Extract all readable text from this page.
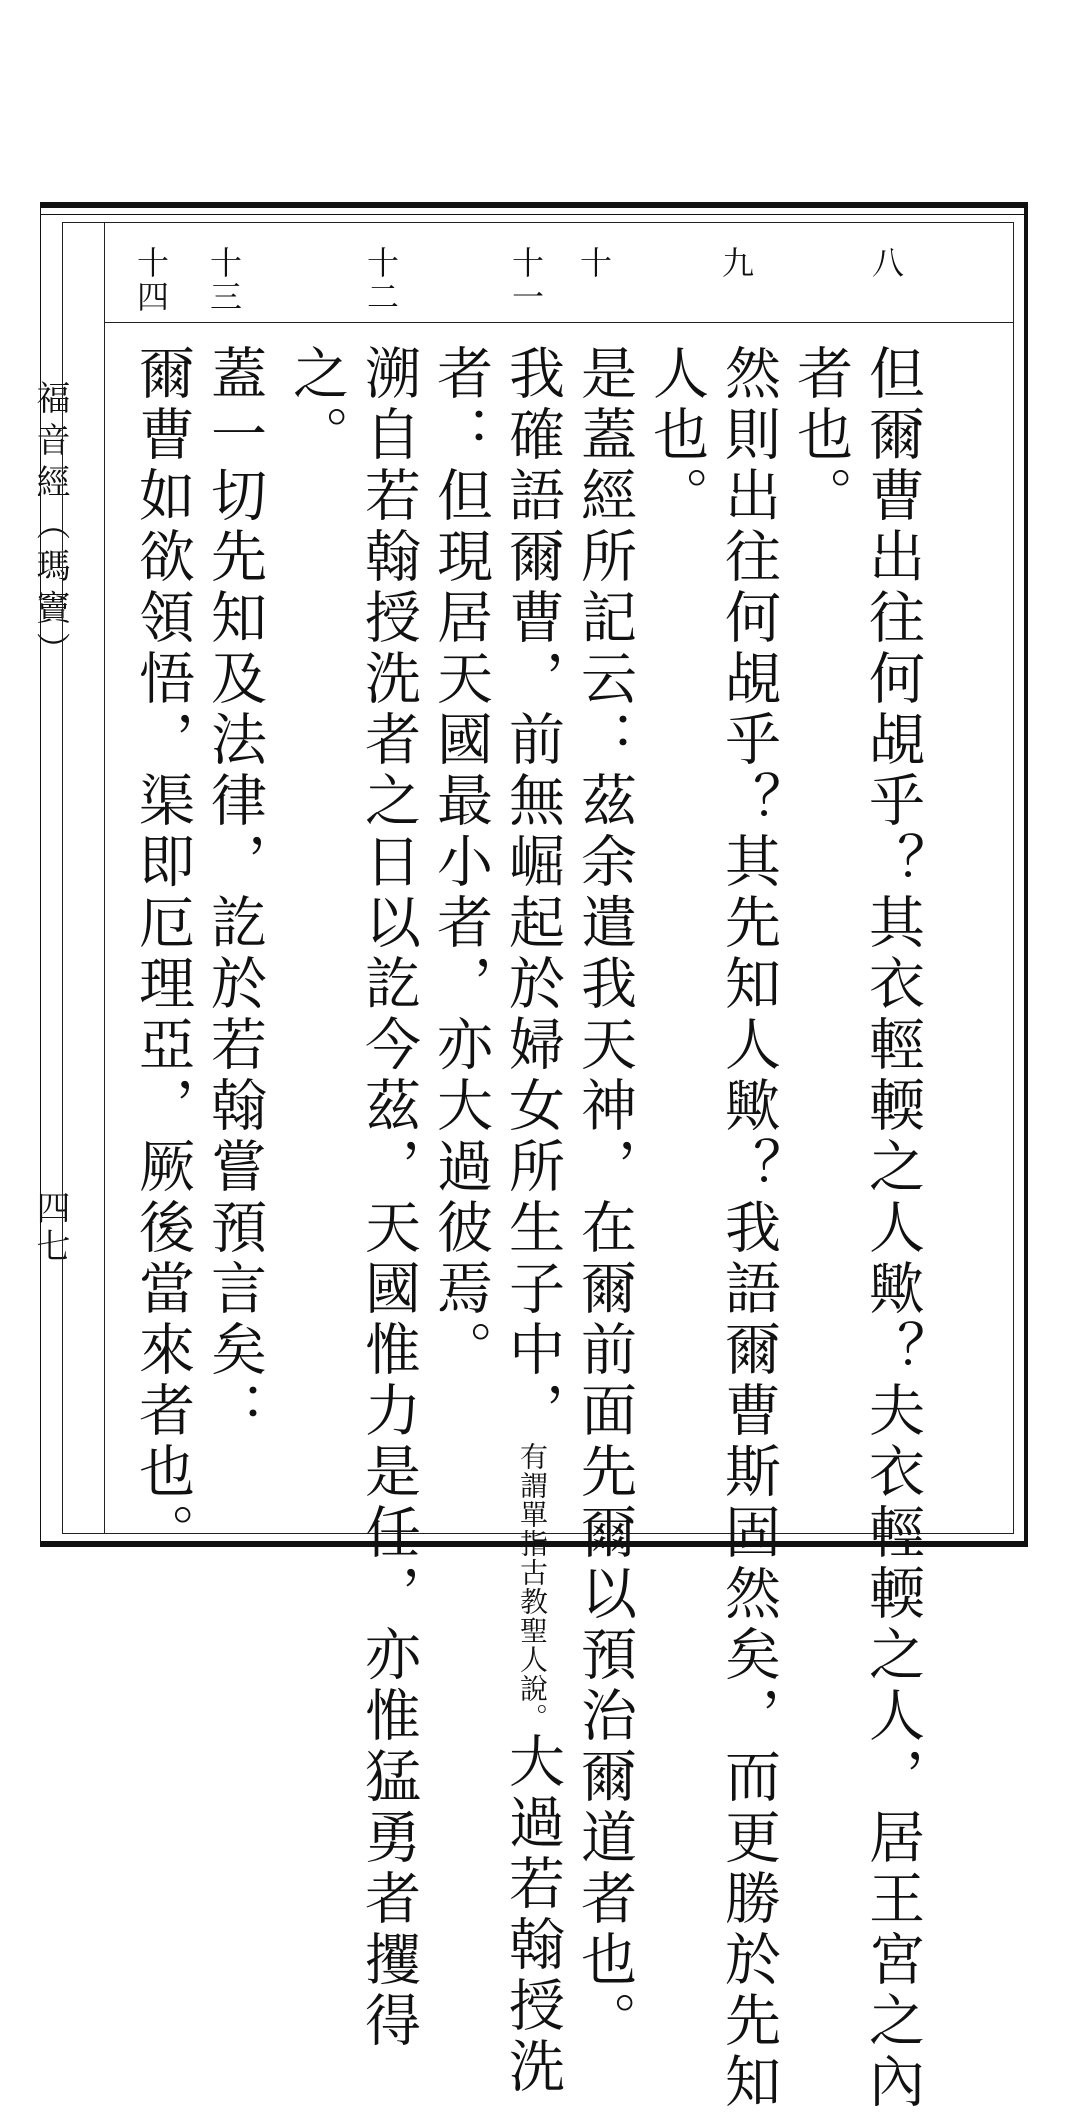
福音經（瑪竇）
四七
八
九
十
十一
十二
十三
十四
但爾曹出往何覘乎？其衣輕輭之人歟？夫衣輕輭之人，居王宮之內
者也。
然則出往何覘乎？其先知人歟？我語爾曹斯固然矣，而更勝於先知
人也。
是蓋經所記云：茲余遣我天神，在爾前面先爾以預治爾道者也。
我確語爾曹，前無崛起於婦女所生子中，有謂單指古教聖人說。大過若翰授洗
者：但現居天國最小者，亦大過彼焉。
溯自若翰授洗者之日以訖今茲，天國惟力是任，亦惟猛勇者攫得
之。
蓋一切先知及法律，訖於若翰嘗預言矣：
爾曹如欲領悟，渠即厄理亞，厥後當來者也。
